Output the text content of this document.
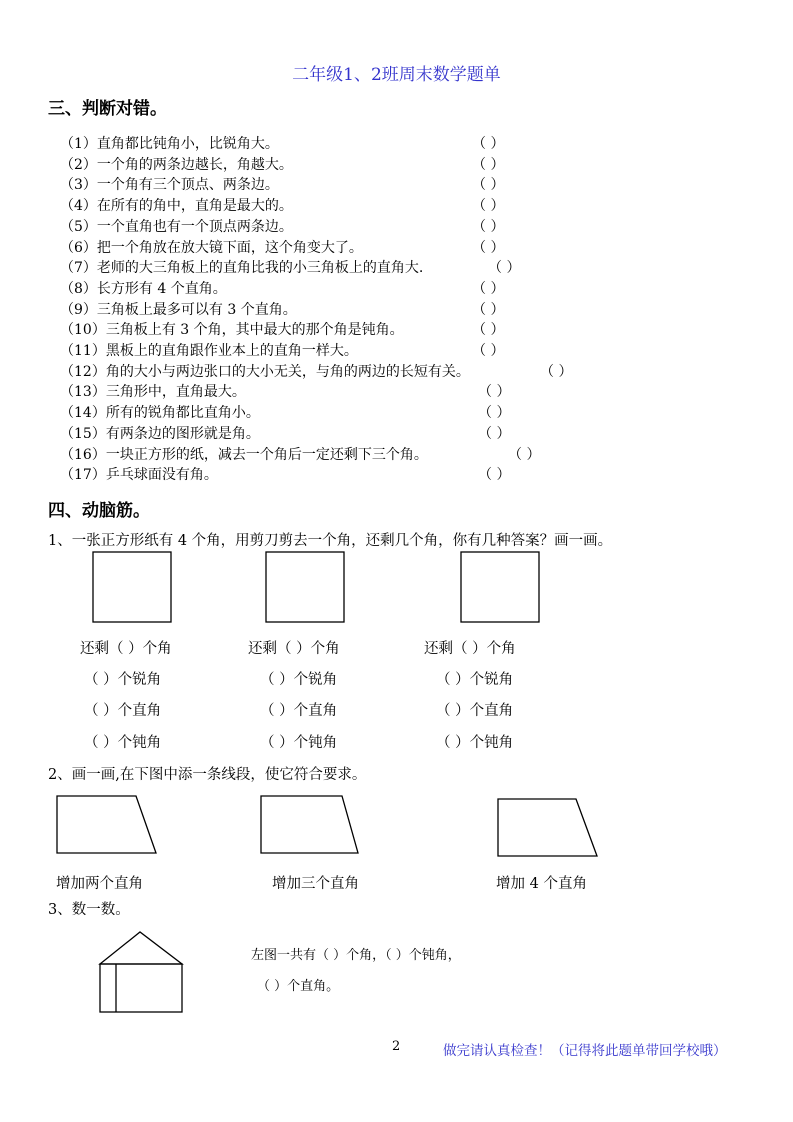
二年级1、2班周末数学题单
三、判断对错。
（1）直角都比钝角小，比锐角大。	（ ）
（2）一个角的两条边越长，角越大。	（ ）
（3）一个角有三个顶点、两条边。	（ ）
（4）在所有的角中，直角是最大的。	（ ）
（5）一个直角也有一个顶点两条边。	（ ）
（6）把一个角放在放大镜下面，这个角变大了。	（ ）
（7）老师的大三角板上的直角比我的小三角板上的直角大.	（ ）
（8）长方形有 4 个直角。	（ ）
（9）三角板上最多可以有 3 个直角。	（ ）
（10）三角板上有 3 个角，其中最大的那个角是钝角。	（ ）
（11）黑板上的直角跟作业本上的直角一样大。	（ ）
（12）角的大小与两边张口的大小无关，与角的两边的长短有关。	（ ）
（13）三角形中，直角最大。	（ ）
（14）所有的锐角都比直角小。	（ ）
（15）有两条边的图形就是角。	（ ）
（16）一块正方形的纸，减去一个角后一定还剩下三个角。	（ ）
（17）乒乓球面没有角。	（ ）
四、动脑筋。
1、一张正方形纸有 4 个角，用剪刀剪去一个角，还剩几个角，你有几种答案？画一画。
还剩（ ）个角
（ ）个锐角
（ ）个直角
（ ）个钝角
还剩（ ）个角
（ ）个锐角
（ ）个直角
（ ）个钝角
还剩（ ）个角
（ ）个锐角
（ ）个直角
（ ）个钝角
2、画一画,在下图中添一条线段，使它符合要求。
增加两个直角	增加三个直角	增加 4 个直角
3、数一数。
左图一共有（ ）个角，（ ）个钝角，
（ ）个直角。
2	做完请认真检查！（记得将此题单带回学校哦）
